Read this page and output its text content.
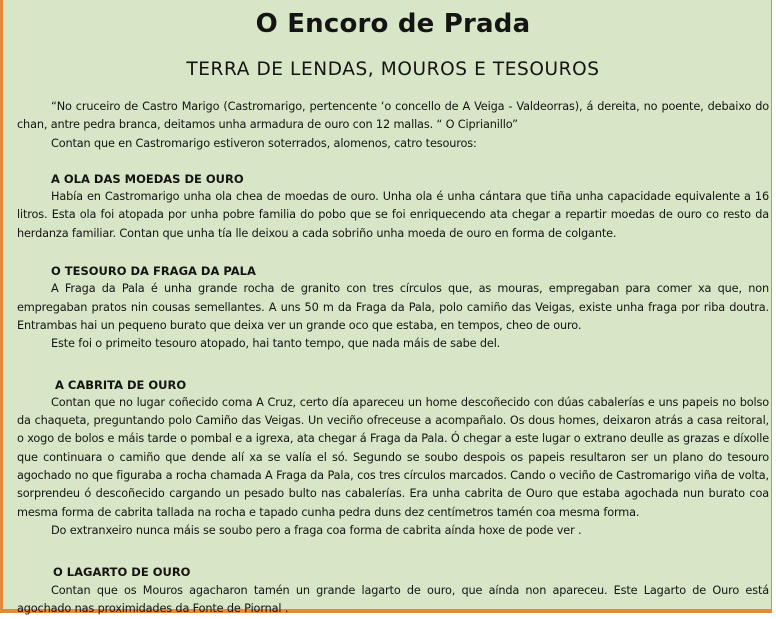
O Encoro de Prada
TERRA DE LENDAS, MOUROS E TESOUROS

“No cruceiro de Castro Marigo (Castromarigo, pertencente ‘o concello de A Veiga - Valdeorras), á dereita, no poente, debaixo do chan, antre pedra branca, deitamos unha armadura de ouro con 12 mallas. “ O Ciprianillo”

Contan que en Castromarigo estiveron soterrados, alomenos, catro tesouros:

A OLA DAS MOEDAS DE OURO

Había en Castromarigo unha ola chea de moedas de ouro. Unha ola é unha cántara que tiña unha capacidade equivalente a 16 litros. Esta ola foi atopada por unha pobre familia do pobo que se foi enriquecendo ata chegar a repartir moedas de ouro co resto da herdanza familiar. Contan que unha tía lle deixou a cada sobriño unha moeda de ouro en forma de colgante.

O TESOURO DA FRAGA DA PALA

A Fraga da Pala é unha grande rocha de granito con tres círculos que, as mouras, empregaban para comer xa que, non empregaban pratos nin cousas semellantes. A uns 50 m da Fraga da Pala, polo camiño das Veigas, existe unha fraga por riba doutra. Entrambas hai un pequeno burato que deixa ver un grande oco que estaba, en tempos, cheo de ouro.

Este foi o primeito tesouro atopado, hai tanto tempo, que nada máis de sabe del.

A CABRITA DE OURO

Contan que no lugar coñecido coma A Cruz, certo día apareceu un home descoñecido con dúas cabalerías e uns papeis no bolso da chaqueta, preguntando polo Camiño das Veigas. Un veciño ofreceuse a acompañalo. Os dous homes, deixaron atrás a casa reitoral, o xogo de bolos e máis tarde o pombal e a igrexa, ata chegar á Fraga da Pala. Ó chegar a este lugar o extrano deulle as grazas e díxolle que continuara o camiño que dende alí xa se valía el só. Segundo se soubo despois os papeis resultaron ser un plano do tesouro agochado no que figuraba a rocha chamada A Fraga da Pala, cos tres círculos marcados. Cando o veciño de Castromarigo viña de volta, sorprendeu ó descoñecido cargando un pesado bulto nas cabalerías. Era unha cabrita de Ouro que estaba agochada nun burato coa mesma forma de cabrita tallada na rocha e tapado cunha pedra duns dez centímetros tamén coa mesma forma.

Do extranxeiro nunca máis se soubo pero a fraga coa forma de cabrita aínda hoxe de pode ver .

O LAGARTO DE OURO

Contan que os Mouros agacharon tamén un grande lagarto de ouro, que aínda non apareceu. Este Lagarto de Ouro está agochado nas proximidades da Fonte de Piornal .
